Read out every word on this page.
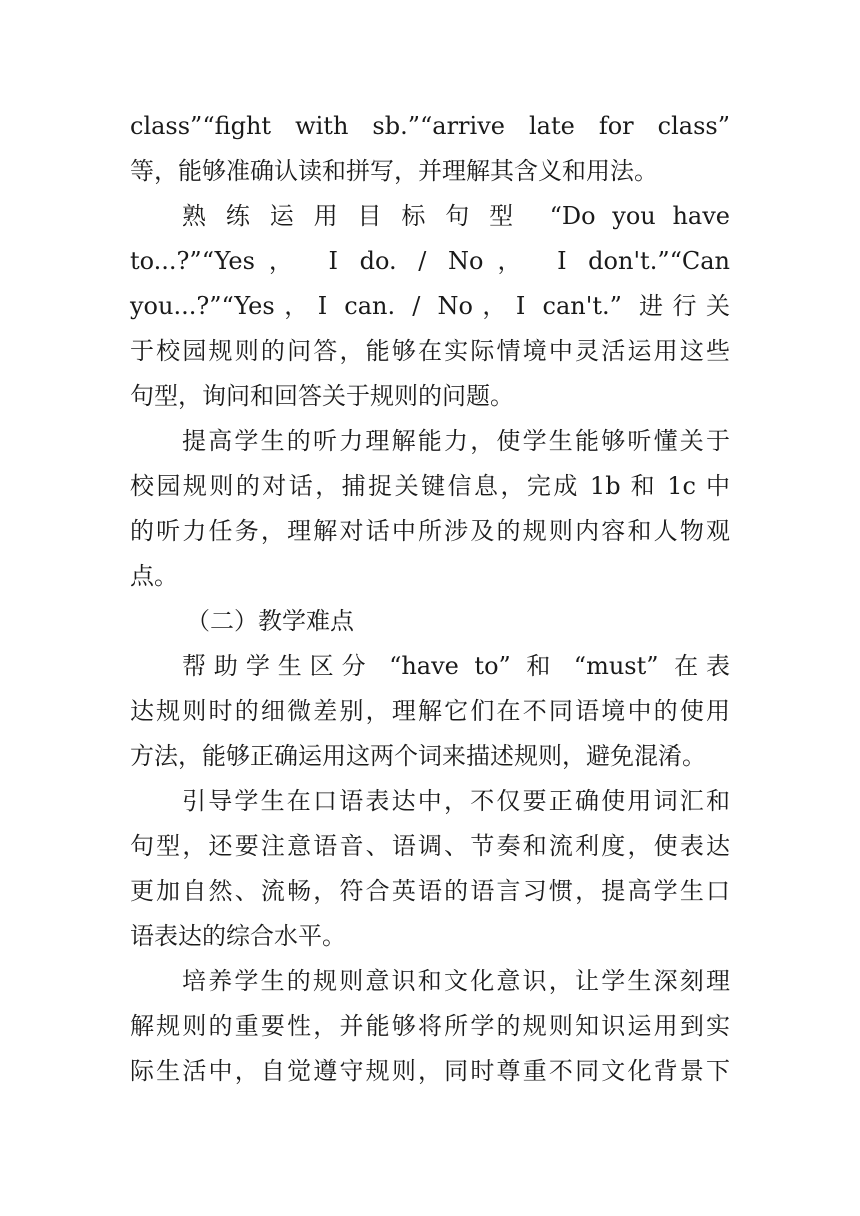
class”“fight with sb.”“arrive late for class”
等，能够准确认读和拼写，并理解其含义和用法。
熟练运用目标句型 “Do you have
to...?”“Yes， I do. / No， I don't.”“Can
you...?”“Yes，I can. / No，I can't.” 进行关
于校园规则的问答，能够在实际情境中灵活运用这些
句型，询问和回答关于规则的问题。
提高学生的听力理解能力，使学生能够听懂关于
校园规则的对话，捕捉关键信息，完成 1b 和 1c 中
的听力任务，理解对话中所涉及的规则内容和人物观
点。
（二）教学难点
帮助学生区分 “have to” 和 “must” 在表
达规则时的细微差别，理解它们在不同语境中的使用
方法，能够正确运用这两个词来描述规则，避免混淆。
引导学生在口语表达中，不仅要正确使用词汇和
句型，还要注意语音、语调、节奏和流利度，使表达
更加自然、流畅，符合英语的语言习惯，提高学生口
语表达的综合水平。
培养学生的规则意识和文化意识，让学生深刻理
解规则的重要性，并能够将所学的规则知识运用到实
际生活中，自觉遵守规则，同时尊重不同文化背景下
